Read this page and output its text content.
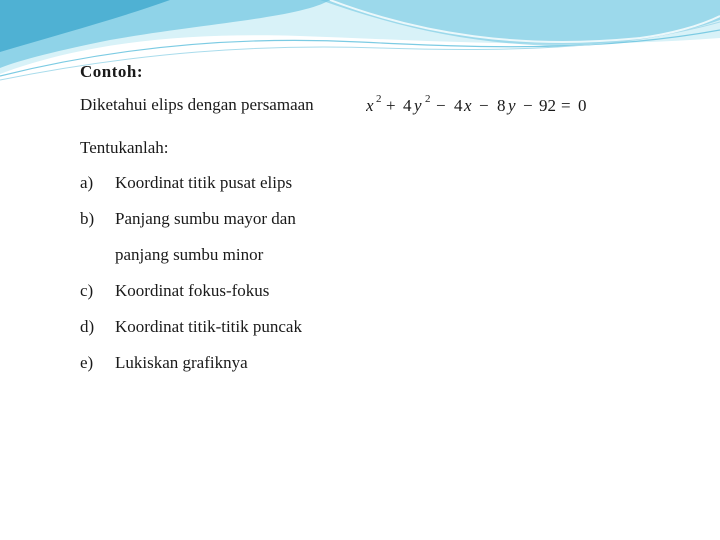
Contoh:
Diketahui elips dengan persamaan	x 2 + 4 y 2 − 4 x − 8 y − 92 = 0
Tentukanlah:
a) Koordinat titik pusat elips
b) Panjang sumbu mayor dan
panjang sumbu minor
c) Koordinat fokus-fokus
d) Koordinat titik-titik puncak
e) Lukiskan grafiknya
